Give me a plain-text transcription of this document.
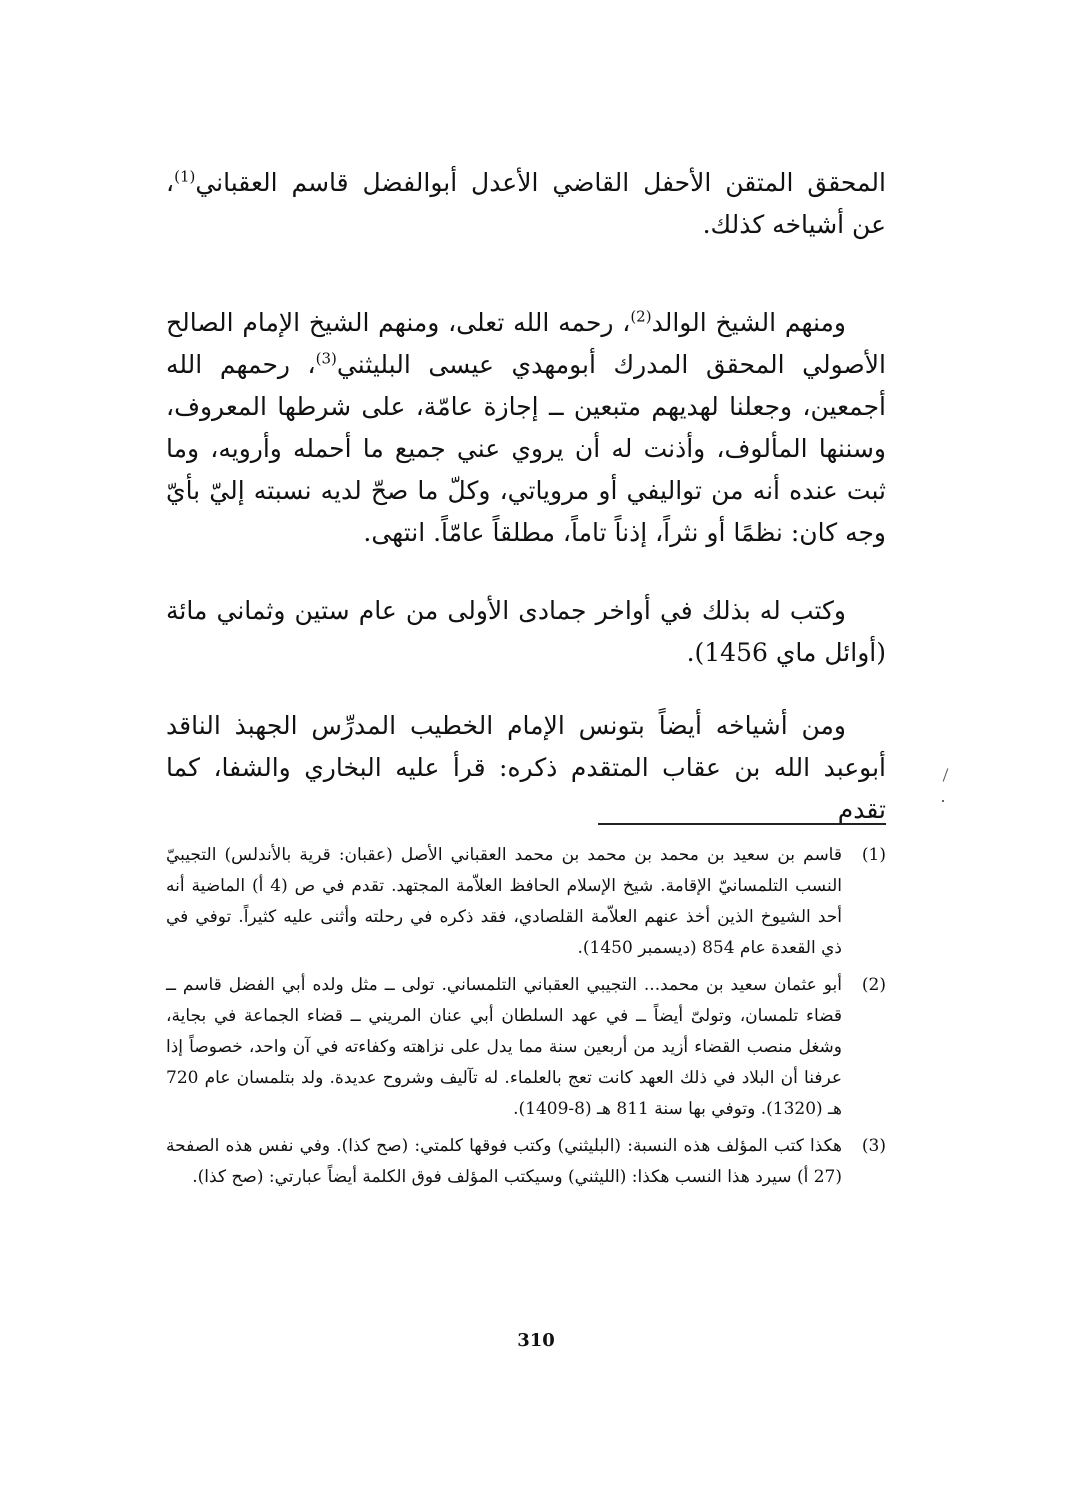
المحقق المتقن الأحفل القاضي الأعدل أبوالفضل قاسم العقباني$^{(1)}$، عن أشياخه كذلك.

ومنهم الشيخ الوالد$^{(2)}$، رحمه الله تعلى، ومنهم الشيخ الإمام الصالح الأصولي المحقق المدرك أبومهدي عيسى البليثني$^{(3)}$، رحمهم الله أجمعين، وجعلنا لهديهم متبعين ــ إجازة عامّة، على شرطها المعروف، وسننها المألوف، وأذنت له أن يروي عني جميع ما أحمله وأرويه، وما ثبت عنده أنه من تواليفي أو مروياتي، وكلّ ما صحّ لديه نسبته إليّ بأيّ وجه كان: نظمًا أو نثراً، إذناً تاماً، مطلقاً عامّاً. انتهى.

وكتب له بذلك في أواخر جمادى الأولى من عام ستين وثماني مائة (أوائل ماي 1456).

ومن أشياخه أيضاً بتونس الإمام الخطيب المدرِّس الجهبذ الناقد أبوعبد الله بن عقاب المتقدم ذكره: قرأ عليه البخاري والشفا، كما تقدم

(1)
قاسم بن سعيد بن محمد بن محمد بن محمد العقباني الأصل (عقبان: قرية بالأندلس) التجيبيّ النسب التلمسانيّ الإقامة. شيخ الإسلام الحافظ العلاّمة المجتهد. تقدم في ص (4 أ) الماضية أنه أحد الشيوخ الذين أخذ عنهم العلاّمة القلصادي، فقد ذكره في رحلته وأثنى عليه كثيراً. توفي في ذي القعدة عام 854 (ديسمبر 1450).
(2)
أبو عثمان سعيد بن محمد... التجيبي العقباني التلمساني. تولى ــ مثل ولده أبي الفضل قاسم ــ قضاء تلمسان، وتولىّ أيضاً ــ في عهد السلطان أبي عنان المريني ــ قضاء الجماعة في بجاية، وشغل منصب القضاء أزيد من أربعين سنة مما يدل على نزاهته وكفاءته في آن واحد، خصوصاً إذا عرفنا أن البلاد في ذلك العهد كانت تعج بالعلماء. له تآليف وشروح عديدة. ولد بتلمسان عام 720 هـ (1320). وتوفي بها سنة 811 هـ (8-1409).
(3)
هكذا كتب المؤلف هذه النسبة: (البليثني) وكتب فوقها كلمتي: (صح كذا). وفي نفس هذه الصفحة (27 أ) سيرد هذا النسب هكذا: (الليثني) وسيكتب المؤلف فوق الكلمة أيضاً عبارتي: (صح كذا).
310
